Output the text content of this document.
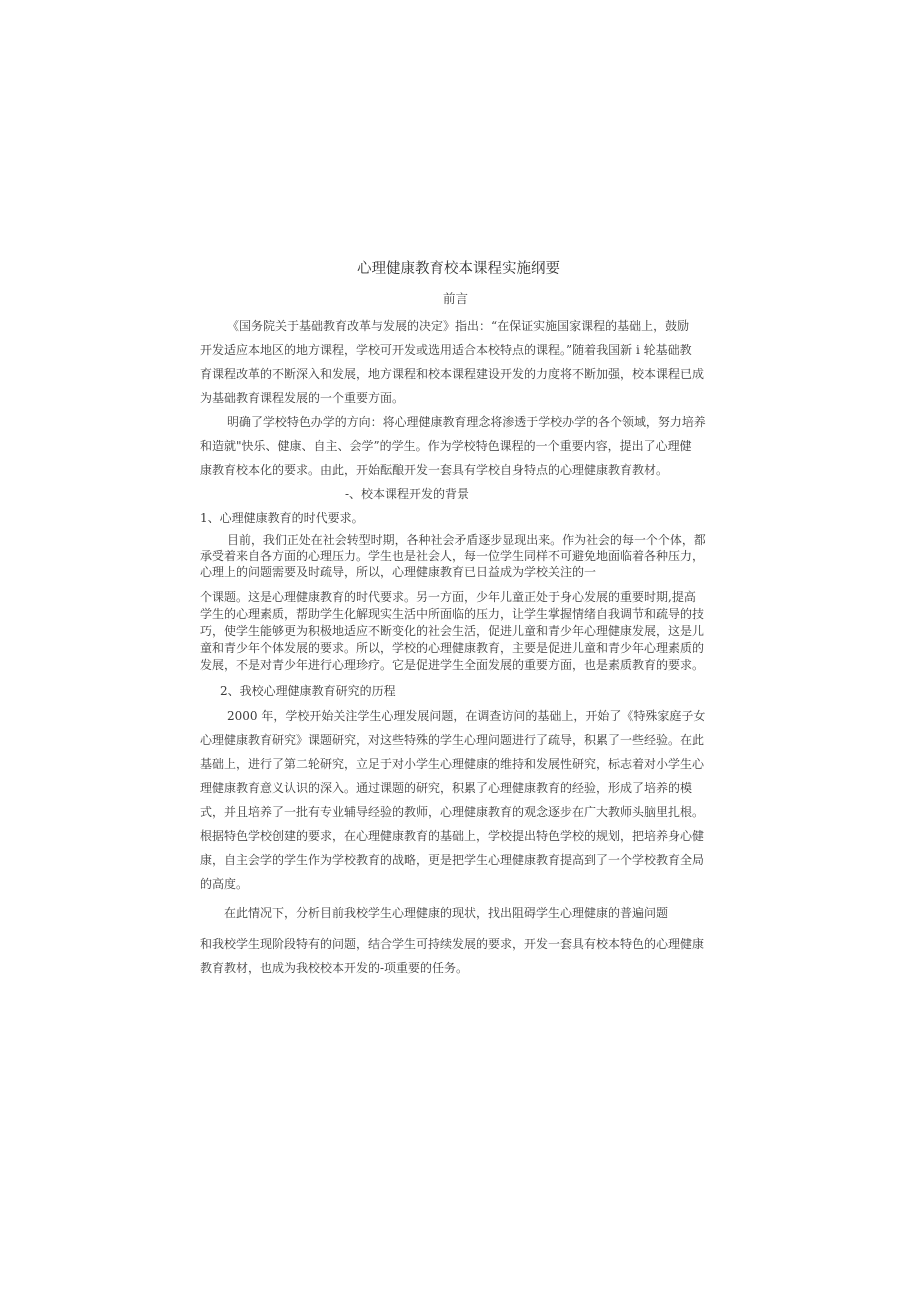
心理健康教育校本课程实施纲要
前言
《国务院关于基础教育改革与发展的决定》指出：“在保证实施国家课程的基础上，鼓励
开发适应本地区的地方课程，学校可开发或选用适合本校特点的课程。”随着我国新 i 轮基础教
育课程改革的不断深入和发展，地方课程和校本课程建设开发的力度将不断加强，校本课程已成
为基础教育课程发展的一个重要方面。
明确了学校特色办学的方向：将心理健康教育理念将渗透于学校办学的各个领域，努力培养
和造就"快乐、健康、自主、会学”的学生。作为学校特色课程的一个重要内容，提出了心理健
康教育校本化的要求。由此，开始酝酿开发一套具有学校自身特点的心理健康教育教材。
-、校本课程开发的背景
1、心理健康教育的时代要求。
目前，我们正处在社会转型时期，各种社会矛盾逐步显现出来。作为社会的每一个个体，都
承受着来自各方面的心理压力。学生也是社会人，每一位学生同样不可避免地面临着各种压力，
心理上的问题需要及时疏导，所以，心理健康教育已日益成为学校关注的一
个课题。这是心理健康教育的时代要求。另一方面，少年儿童正处于身心发展的重要时期,提高
学生的心理素质，帮助学生化解现实生活中所面临的压力，让学生掌握情绪自我调节和疏导的技
巧，使学生能够更为积极地适应不断变化的社会生活，促进儿童和青少年心理健康发展，这是儿
童和青少年个体发展的要求。所以，学校的心理健康教育，主要是促进儿童和青少年心理素质的
发展，不是对青少年进行心理珍疗。它是促进学生全面发展的重要方面，也是素质教育的要求。
2、我校心理健康教育研究的历程
2000 年，学校开始关注学生心理发展问题，在调查访问的基础上，开始了《特殊家庭子女
心理健康教育研究》课题研究，对这些特殊的学生心理问题进行了疏导，积累了一些经验。在此
基础上，进行了第二轮研究，立足于对小学生心理健康的维持和发展性研究，标志着对小学生心
理健康教育意义认识的深入。通过课题的研究，积累了心理健康教育的经验，形成了培养的模
式，并且培养了一批有专业辅导经验的教师，心理健康教育的观念逐步在广大教师头脑里扎根。
根据特色学校创建的要求，在心理健康教育的基础上，学校提出特色学校的规划，把培养身心健
康，自主会学的学生作为学校教育的战略，更是把学生心理健康教育提高到了一个学校教育全局
的高度。
在此情况下，分析目前我校学生心理健康的现状，找出阻碍学生心理健康的普遍问题
和我校学生现阶段特有的问题，结合学生可持续发展的要求，开发一套具有校本特色的心理健康
教育教材，也成为我校校本开发的-项重要的任务。
